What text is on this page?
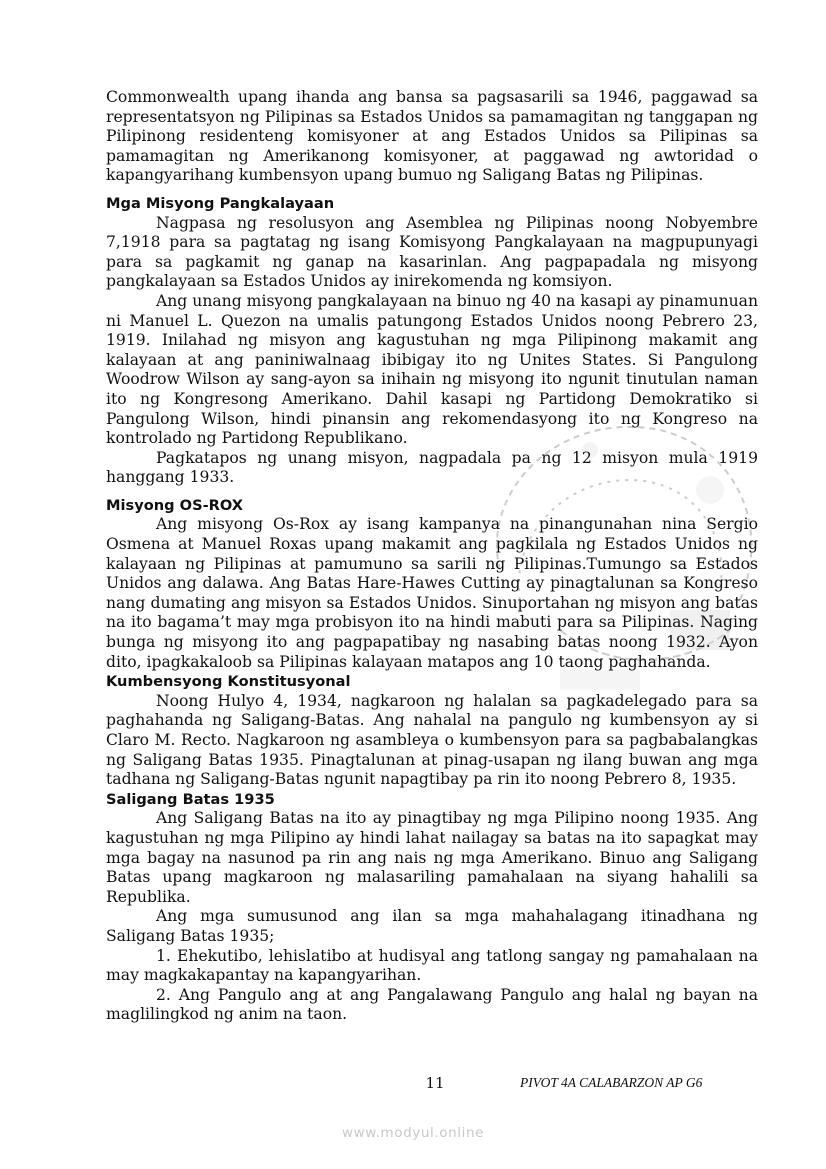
Commonwealth upang ihanda ang bansa sa pagsasarili sa 1946, paggawad sa representatsyon ng Pilipinas sa Estados Unidos sa pamamagitan ng tanggapan ng Pilipinong residenteng komisyoner at ang Estados Unidos sa Pilipinas sa pamamagitan ng Amerikanong komisyoner, at paggawad ng awtoridad o kapangyarihang kumbensyon upang bumuo ng Saligang Batas ng Pilipinas.

Mga Misyong Pangkalayaan

Nagpasa ng resolusyon ang Asemblea ng Pilipinas noong Nobyembre 7,1918 para sa pagtatag ng isang Komisyong Pangkalayaan na magpupunyagi para sa pagkamit ng ganap na kasarinlan. Ang pagpapadala ng misyong pangkalayaan sa Estados Unidos ay inirekomenda ng komsiyon.

Ang unang misyong pangkalayaan na binuo ng 40 na kasapi ay pinamunuan ni Manuel L. Quezon na umalis patungong Estados Unidos noong Pebrero 23, 1919. Inilahad ng misyon ang kagustuhan ng mga Pilipinong makamit ang kalayaan at ang paniniwalnaag ibibigay ito ng Unites States. Si Pangulong Woodrow Wilson ay sang-ayon sa inihain ng misyong ito ngunit tinutulan naman ito ng Kongresong Amerikano. Dahil kasapi ng Partidong Demokratiko si Pangulong Wilson, hindi pinansin ang rekomendasyong ito ng Kongreso na kontrolado ng Partidong Republikano.

Pagkatapos ng unang misyon, nagpadala pa ng 12 misyon mula 1919 hanggang 1933.

Misyong OS-ROX

Ang misyong Os-Rox ay isang kampanya na pinangunahan nina Sergio Osmena at Manuel Roxas upang makamit ang pagkilala ng Estados Unidos ng kalayaan ng Pilipinas at pamumuno sa sarili ng Pilipinas.Tumungo sa Estados Unidos ang dalawa. Ang Batas Hare-Hawes Cutting ay pinagtalunan sa Kongreso nang dumating ang misyon sa Estados Unidos. Sinuportahan ng misyon ang batas na ito bagama’t may mga probisyon ito na hindi mabuti para sa Pilipinas. Naging bunga ng misyong ito ang pagpapatibay ng nasabing batas noong 1932. Ayon dito, ipagkakaloob sa Pilipinas kalayaan matapos ang 10 taong paghahanda.

Kumbensyong Konstitusyonal

Noong Hulyo 4, 1934, nagkaroon ng halalan sa pagkadelegado para sa paghahanda ng Saligang-Batas. Ang nahalal na pangulo ng kumbensyon ay si Claro M. Recto. Nagkaroon ng asambleya o kumbensyon para sa pagbabalangkas ng Saligang Batas 1935. Pinagtalunan at pinag-usapan ng ilang buwan ang mga tadhana ng Saligang-Batas ngunit napagtibay pa rin ito noong Pebrero 8, 1935.

Saligang Batas 1935

Ang Saligang Batas na ito ay pinagtibay ng mga Pilipino noong 1935. Ang kagustuhan ng mga Pilipino ay hindi lahat nailagay sa batas na ito sapagkat may mga bagay na nasunod pa rin ang nais ng mga Amerikano. Binuo ang Saligang Batas upang magkaroon ng malasariling pamahalaan na siyang hahalili sa Republika.

Ang mga sumusunod ang ilan sa mga mahahalagang itinadhana ng Saligang Batas 1935;

1. Ehekutibo, lehislatibo at hudisyal ang tatlong sangay ng pamahalaan na may magkakapantay na kapangyarihan.

2. Ang Pangulo ang at ang Pangalawang Pangulo ang halal ng bayan na maglilingkod ng anim na taon.

11	PIVOT 4A CALABARZON AP G6
www.modyul.online
